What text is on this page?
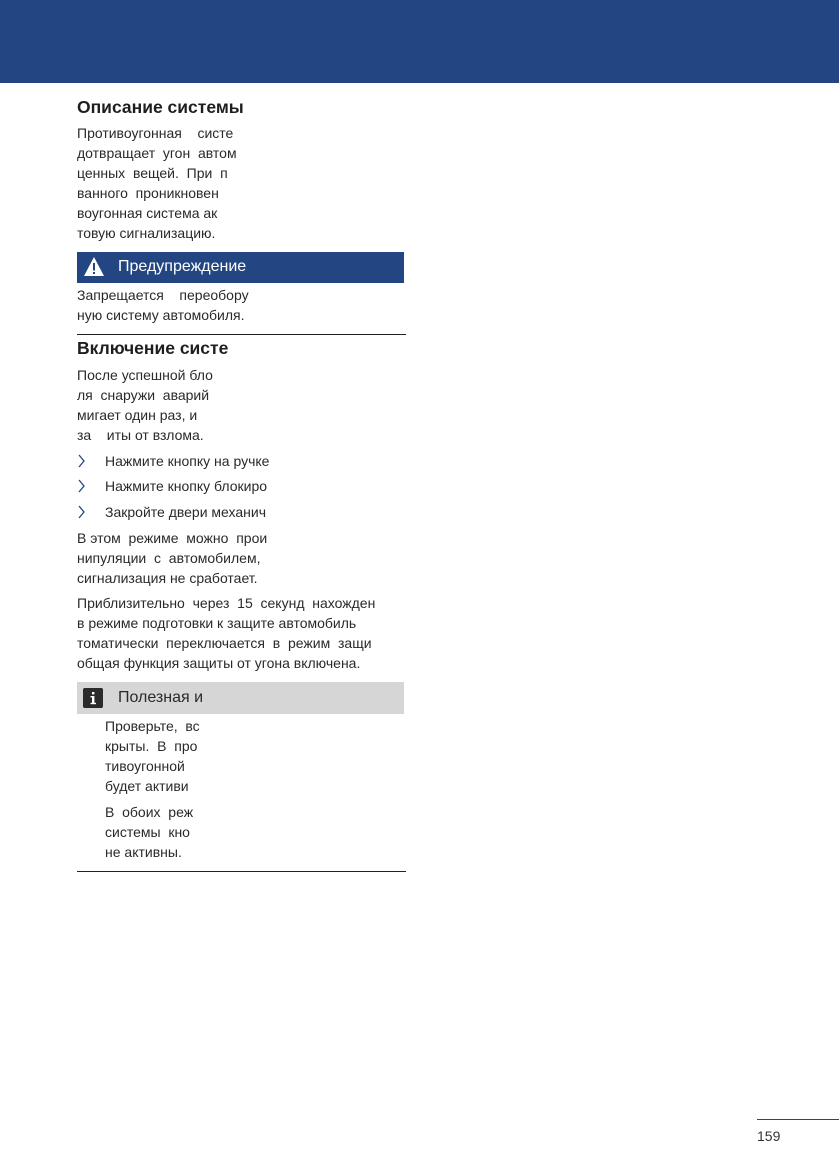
Описание системы
Противоугонная    систе
дотвращает  угон  автом
ценных  вещей.  При  п
ванного  проникновен
воугонная система ак
товую сигнализацию.
Предупреждение
Запрещается    переобору
ную систему автомобиля.
Включение систе
После успешной бло
ля  снаружи  аварий
мигает один раз, и
за    иты от взлома.
Нажмите кнопку на ручке
Нажмите кнопку блокиро
Закройте двери механич
В этом  режиме  можно  прои
нипуляции  с  автомобилем,
сигнализация не сработает.
Приблизительно  через  15  секунд  нахожден
в режиме подготовки к защите автомобиль
томатически  переключается  в  режим  защи
общая функция защиты от угона включена.
Полезная и
Проверьте,  вс
крыты.  В  про
тивоугонной
будет активи
В  обоих  реж
системы  кно
не активны.
159
